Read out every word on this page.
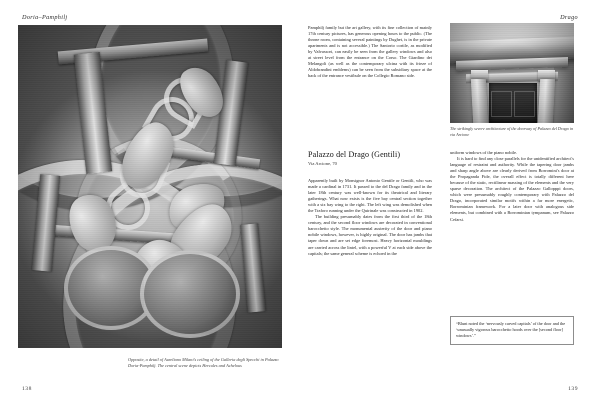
Doria–Pamphilj
138
Drago

Pamphilj family but the art gallery, with its fine collection of mainly 17th century pictures, has generous opening hours to the public. (The throne room, containing several paintings by Dughet, is in the private apartments and is not accessible.) The Santorio cortile, as modified by Valvassori, can easily be seen from the gallery windows and also at street level from the entrance on the Corso. The Giardino dei Melangoli (as well as the contemporary ulcina with its frieze of Aldobrandini emblems) can be seen from the subsidiary space at the back of the entrance vestibule on the Collegio Romano side.

Palazzo del Drago (Gentili)

Via Arcione, 70

Apparently built by Monsignor Antonio Gentile or Gentili, who was made a cardinal in 1731. It passed to the del Drago family and in the later 18th century was well-known for its theatrical and literary gatherings. What now exists is the five bay central section together with a six bay wing to the right. The left wing was demolished when the Traforo running under the Quirinale was constructed in 1902.

The building presumably dates from the first third of the 18th century, and the second floor windows are decorated in conventional barocchetto style. The monumental austerity of the door and piano nobile windows, however, is highly original. The door has jambs that taper down and are set edge foremost. Heavy horizontal mouldings are carried across the lintel, with a powerful V at each side above the capitals; the same general scheme is echoed in the

The strikingly severe architecture of the doorway of Palazzo del Drago in via Arcione

uniform windows of the piano nobile.

It is hard to find any close parallels for the unidentified architect's language of restraint and authority. While the tapering door jambs and sharp angle above are clearly derived from Borromini's door at the Propaganda Fide, the overall effect is totally different here because of the static, rectilinear massing of the elements and the very sparse decoration. The architect of the Palazzo Gallopppi doors, which were presumably roughly contemporary with Palazzo del Drago, incorporated similar motifs within a far more energetic, Borrominian framework. For a later door with analogous side elements, but combined with a Borrominian tympanum, see Palazzo Cefarsi.

“Blunt noted the ‘nervously carved capitals’ of the door and the ‘unusually vigorous barocchetto hoods over the [second floor] windows’.”
139
Opposite, a detail of Aureliano Milani's ceiling of the Galleria degli Specchi in Palazzo Doria-Pamphilj. The central scene depicts Hercules and Achelous
